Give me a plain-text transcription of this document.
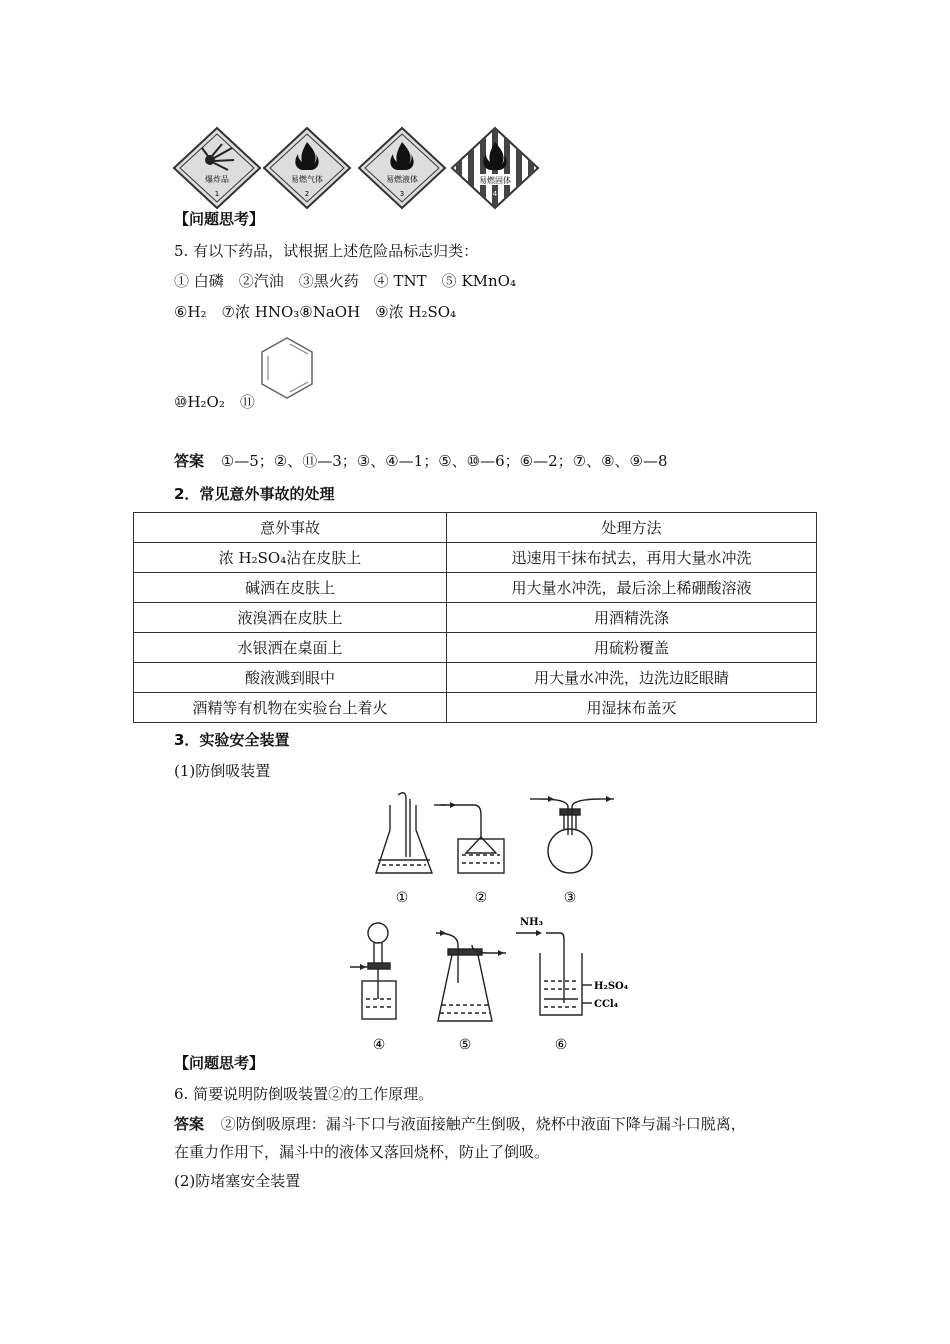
爆炸品
1
易燃气体
2
易燃液体
3
易燃固体
4
【问题思考】
5. 有以下药品，试根据上述危险品标志归类：
① 白磷　②汽油　③黑火药　④ TNT　⑤ KMnO₄
⑥H₂　⑦浓 HNO₃⑧NaOH　⑨浓 H₂SO₄
⑩H₂O₂　⑪
答案 ①—5；②、⑪—3；③、④—1；⑤、⑩—6；⑥—2；⑦、⑧、⑨—8
2．常见意外事故的处理
意外事故	处理方法
浓 H₂SO₄沾在皮肤上	迅速用干抹布拭去，再用大量水冲洗
碱洒在皮肤上	用大量水冲洗，最后涂上稀硼酸溶液
液溴洒在皮肤上	用酒精洗涤
水银洒在桌面上	用硫粉覆盖
酸液溅到眼中	用大量水冲洗，边洗边眨眼睛
酒精等有机物在实验台上着火	用湿抹布盖灭
3．实验安全装置
(1)防倒吸装置
NH₃
H₂SO₄
CCl₄
①	②	③
④	⑤	⑥
【问题思考】
6. 简要说明防倒吸装置②的工作原理。
答案 ②防倒吸原理：漏斗下口与液面接触产生倒吸，烧杯中液面下降与漏斗口脱离，
在重力作用下，漏斗中的液体又落回烧杯，防止了倒吸。
(2)防堵塞安全装置
